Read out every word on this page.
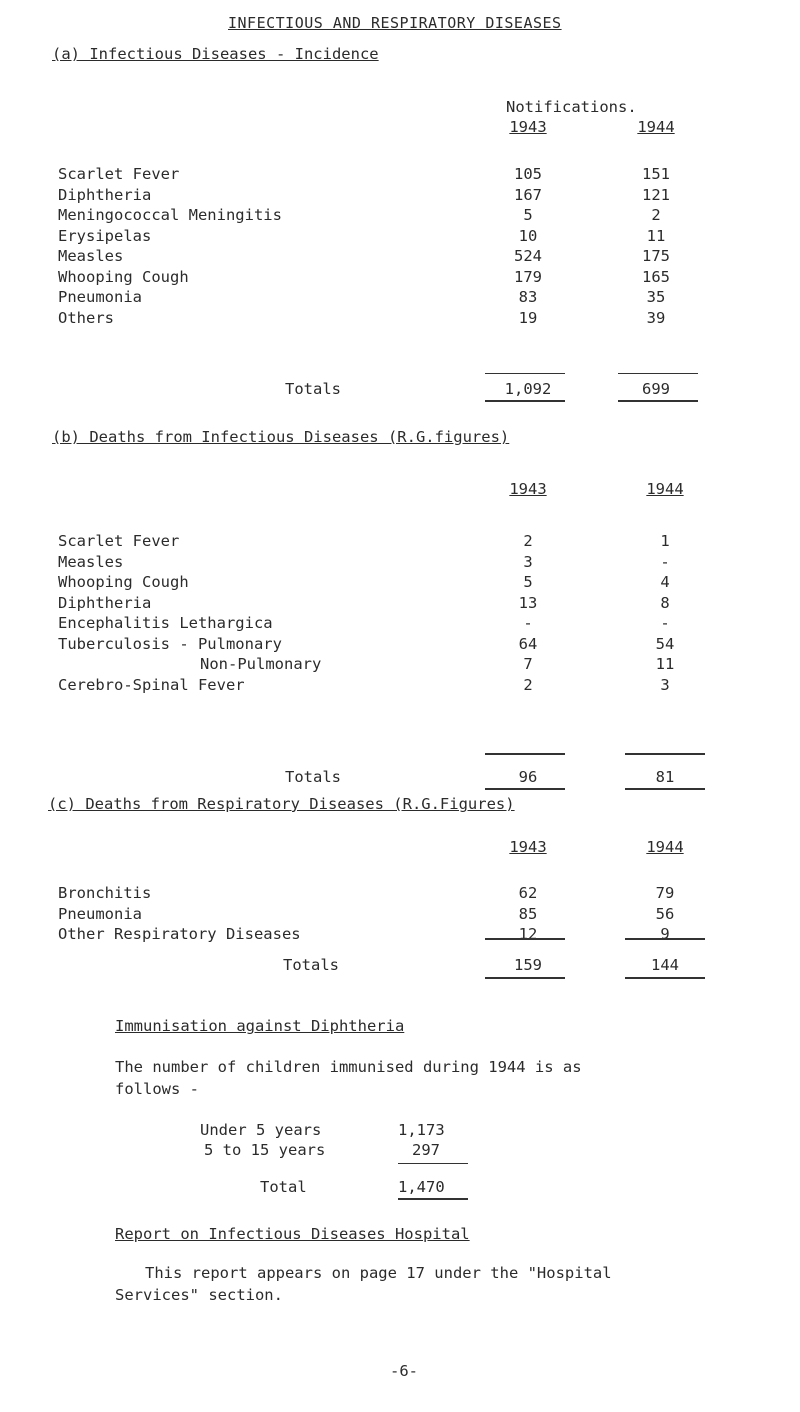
INFECTIOUS AND RESPIRATORY DISEASES
(a) Infectious Diseases - Incidence
Notifications.
1943	1944
Scarlet Fever	105	151
Diphtheria	167	121
Meningococcal Meningitis	5	2
Erysipelas	10	11
Measles	524	175
Whooping Cough	179	165
Pneumonia	83	35
Others	19	39
Totals	1,092	699
(b) Deaths from Infectious Diseases (R.G.figures)
1943	1944
Scarlet Fever	2	1
Measles	3	-
Whooping Cough	5	4
Diphtheria	13	8
Encephalitis Lethargica	-	-
Tuberculosis - Pulmonary	64	54
Non-Pulmonary	7	11
Cerebro-Spinal Fever	2	3
Totals	96	81
(c) Deaths from Respiratory Diseases (R.G.Figures)
1943	1944
Bronchitis	62	79
Pneumonia	85	56
Other Respiratory Diseases	12	9
Totals	159	144
Immunisation against Diphtheria
The number of children immunised during 1944 is as
follows -
Under 5 years	1,173
5 to 15 years	297
Total	1,470
Report on Infectious Diseases Hospital
This report appears on page 17 under the "Hospital
Services" section.
-6-
